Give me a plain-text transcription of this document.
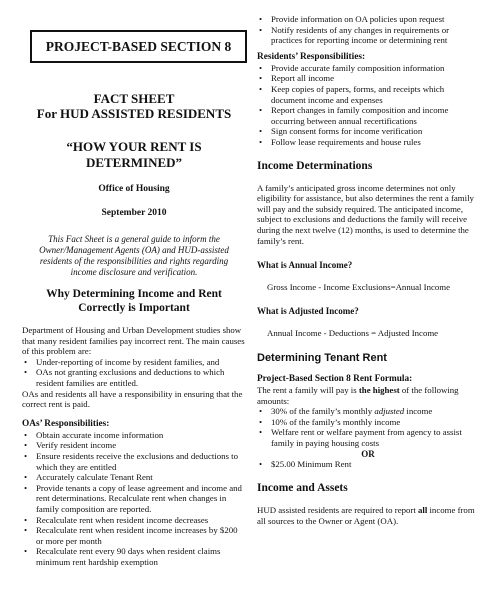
PROJECT-BASED SECTION 8
FACT SHEET
For HUD ASSISTED RESIDENTS
“HOW YOUR RENT IS
DETERMINED”
Office of Housing
September 2010
This Fact Sheet is a general guide to inform the Owner/Management Agents (OA) and HUD-assisted residents of the responsibilities and rights regarding income disclosure and verification.
Why Determining Income and Rent
Correctly is Important
Department of Housing and Urban Development studies show that many resident families pay incorrect rent. The main causes of this problem are:
• Under-reporting of income by resident families, and
• OAs not granting exclusions and deductions to which resident families are entitled.
OAs and residents all have a responsibility in ensuring that the correct rent is paid.
OAs’ Responsibilities:
• Obtain accurate income information
• Verify resident income
• Ensure residents receive the exclusions and deductions to which they are entitled
• Accurately calculate Tenant Rent
• Provide tenants a copy of lease agreement and income and rent determinations. Recalculate rent when changes in family composition are reported.
• Recalculate rent when resident income decreases
• Recalculate rent when resident income increases by $200 or more per month
• Recalculate rent every 90 days when resident claims minimum rent hardship exemption
• Provide information on OA policies upon request
• Notify residents of any changes in requirements or practices for reporting income or determining rent
Residents’ Responsibilities:
• Provide accurate family composition information
• Report all income
• Keep copies of papers, forms, and receipts which document income and expenses
• Report changes in family composition and income occurring between annual recertifications
• Sign consent forms for income verification
• Follow lease requirements and house rules
Income Determinations
A family’s anticipated gross income determines not only eligibility for assistance, but also determines the rent a family will pay and the subsidy required. The anticipated income, subject to exclusions and deductions the family will receive during the next twelve (12) months, is used to determine the family’s rent.
What is Annual Income?
Gross Income - Income Exclusions=Annual Income
What is Adjusted Income?
Annual Income - Deductions = Adjusted Income
Determining Tenant Rent
Project-Based Section 8 Rent Formula:
The rent a family will pay is the highest of the following amounts:
• 30% of the family’s monthly adjusted income
• 10% of the family’s monthly income
• Welfare rent or welfare payment from agency to assist family in paying housing costs
OR
• $25.00 Minimum Rent
Income and Assets
HUD assisted residents are required to report all income from all sources to the Owner or Agent (OA).
